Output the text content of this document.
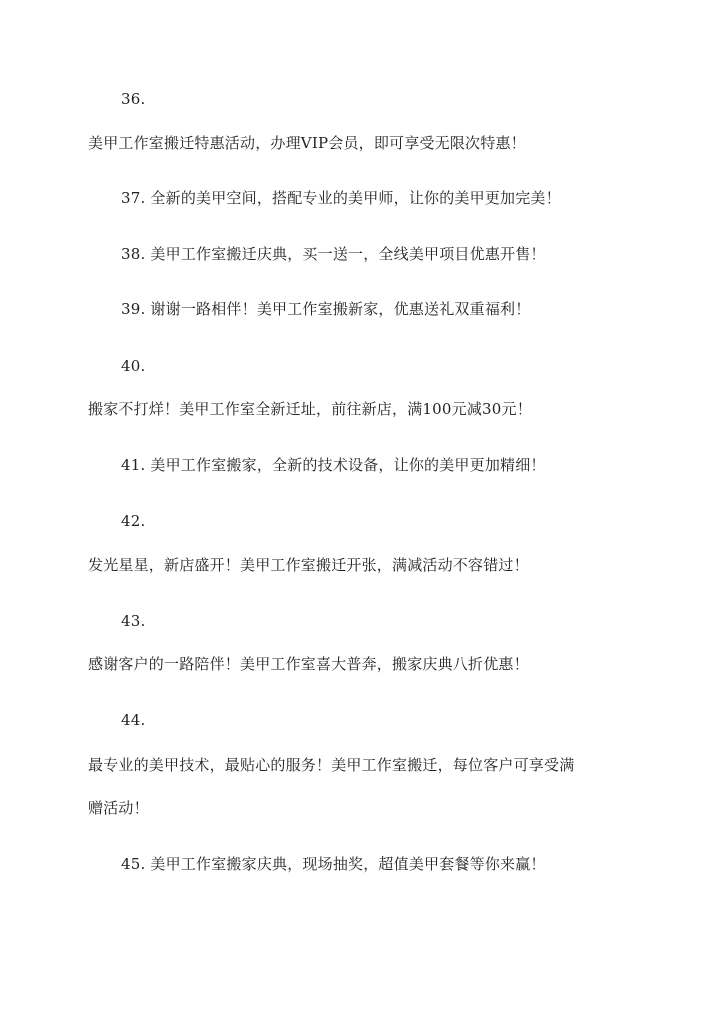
36.
美甲工作室搬迁特惠活动，办理VIP会员，即可享受无限次特惠！
37. 全新的美甲空间，搭配专业的美甲师，让你的美甲更加完美！
38. 美甲工作室搬迁庆典，买一送一，全线美甲项目优惠开售！
39. 谢谢一路相伴！美甲工作室搬新家，优惠送礼双重福利！
40.
搬家不打烊！美甲工作室全新迁址，前往新店，满100元减30元！
41. 美甲工作室搬家，全新的技术设备，让你的美甲更加精细！
42.
发光星星，新店盛开！美甲工作室搬迁开张，满减活动不容错过！
43.
感谢客户的一路陪伴！美甲工作室喜大普奔，搬家庆典八折优惠！
44.
最专业的美甲技术，最贴心的服务！美甲工作室搬迁，每位客户可享受满
赠活动！
45. 美甲工作室搬家庆典，现场抽奖，超值美甲套餐等你来赢！
